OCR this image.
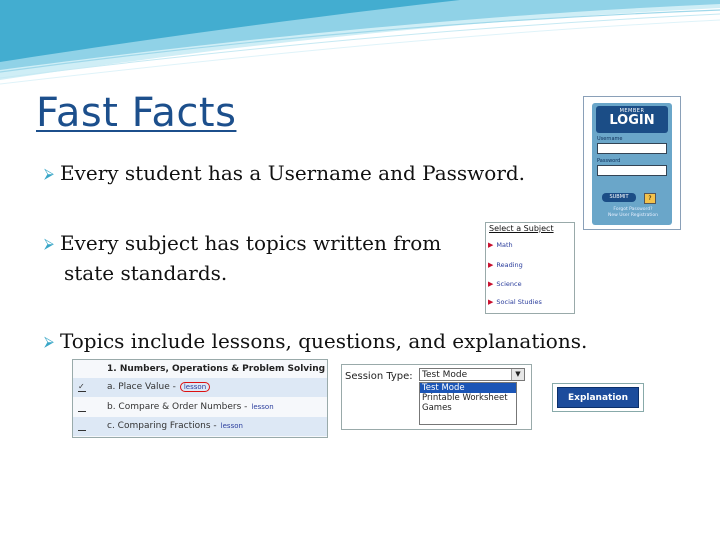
Fast Facts
⮚ Every student has a Username and Password.
⮚ Every subject has topics written from
state standards.
⮚ Topics include lessons, questions, and explanations.
MEMBER
LOGIN
Username
Password
SUBMIT	?
Forgot Password?
New User Registration
Select a Subject
▶ Math
▶ Reading
▶ Science
▶ Social Studies
1. Numbers, Operations & Problem Solving
✓ a. Place Value - lesson
b. Compare & Order Numbers - lesson
c. Comparing Fractions - lesson
Session Type:	Test Mode	▼
Test Mode
Printable Worksheet
Games
Explanation
